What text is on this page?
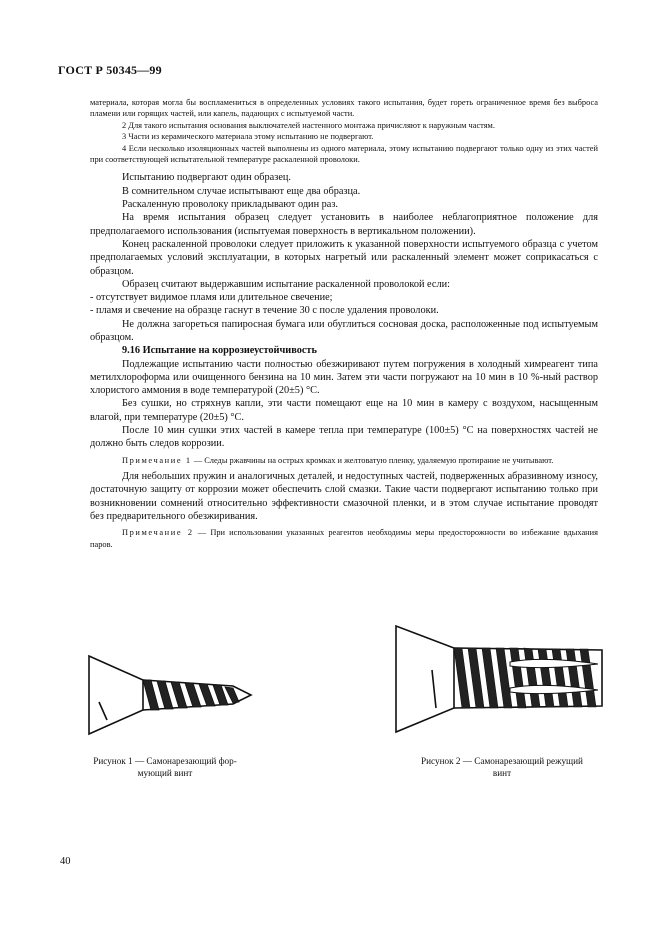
ГОСТ Р 50345—99

материала, которая могла бы воспламениться в определенных условиях такого испытания, будет гореть ограниченное время без выброса пламени или горящих частей, или капель, падающих с испытуемой части.

2 Для такого испытания основания выключателей настенного монтажа причисляют к наружным частям.

3 Части из керамического материала этому испытанию не подвергают.

4 Если несколько изоляционных частей выполнены из одного материала, этому испытанию подвергают только одну из этих частей при соответствующей испытательной температуре раскаленной проволоки.

Испытанию подвергают один образец.

В сомнительном случае испытывают еще два образца.

Раскаленную проволоку прикладывают один раз.

На время испытания образец следует установить в наиболее неблагоприятное положение для предполагаемого использования (испытуемая поверхность в вертикальном положении).

Конец раскаленной проволоки следует приложить к указанной поверхности испытуемого образца с учетом предполагаемых условий эксплуатации, в которых нагретый или раскаленный элемент может соприкасаться с образцом.

Образец считают выдержавшим испытание раскаленной проволокой если:

- отсутствует видимое пламя или длительное свечение;

- пламя и свечение на образце гаснут в течение 30 с после удаления проволоки.

Не должна загореться папиросная бумага или обуглиться сосновая доска, расположенные под испытуемым образцом.

9.16 Испытание на коррозиеустойчивость

Подлежащие испытанию части полностью обезжиривают путем погружения в холодный химреагент типа метилхлороформа или очищенного бензина на 10 мин. Затем эти части погружают на 10 мин в 10 %-ный раствор хлористого аммония в воде температурой (20±5) °С.

Без сушки, но стряхнув капли, эти части помещают еще на 10 мин в камеру с воздухом, насыщенным влагой, при температуре (20±5) °С.

После 10 мин сушки этих частей в камере тепла при температуре (100±5) °С на поверхностях частей не должно быть следов коррозии.

Примечание 1 — Следы ржавчины на острых кромках и желтоватую пленку, удаляемую протирание не учитывают.

Для небольших пружин и аналогичных деталей, и недоступных частей, подверженных абразивному износу, достаточную защиту от коррозии может обеспечить слой смазки. Такие части подвергают испытанию только при возникновении сомнений относительно эффективности смазочной пленки, и в этом случае испытание проводят без предварительного обезжиривания.

Примечание 2 — При использовании указанных реагентов необходимы меры предосторожности во избежание вдыхания паров.

Рисунок 1 — Самонарезающий фор-
мующий винт
Рисунок 2 — Самонарезающий режущий
винт
40
